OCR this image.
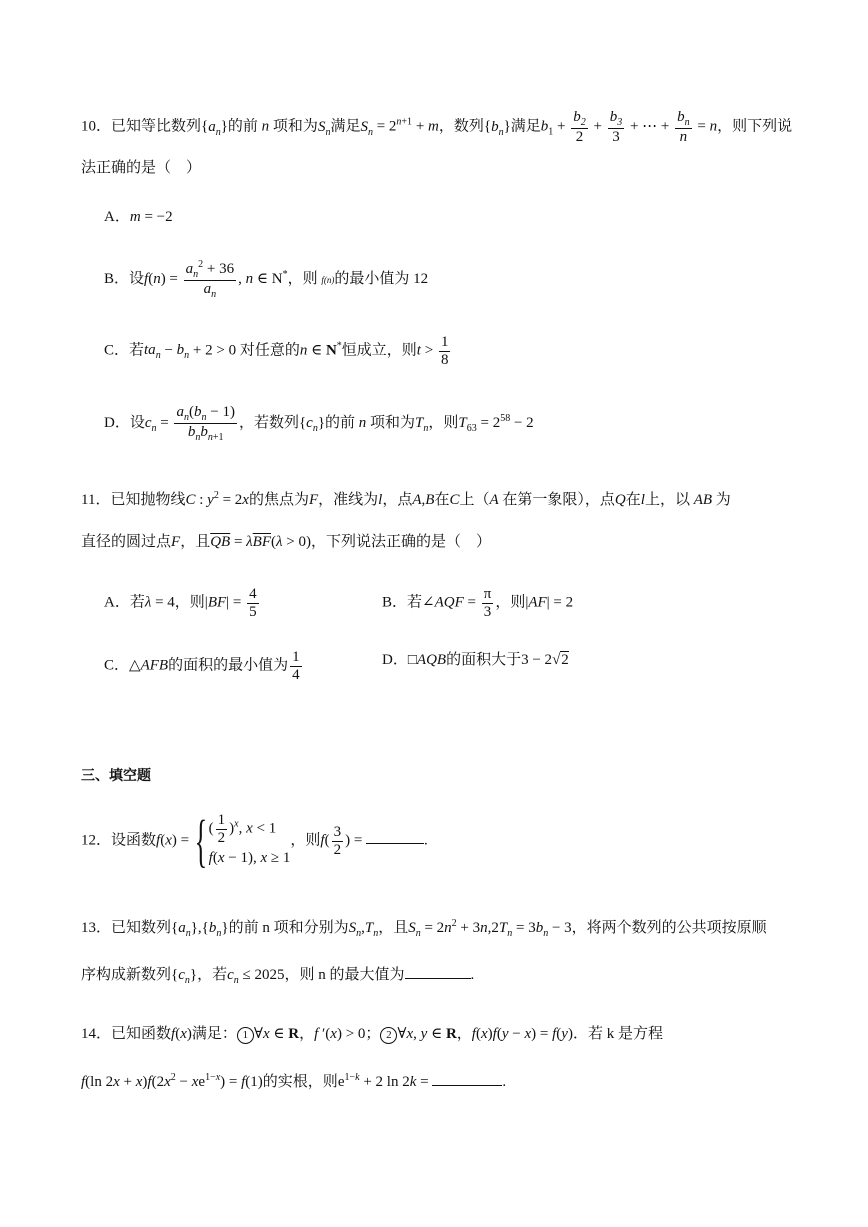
10．已知等比数列$\{a_n\}$的前 n 项和为$S_n$满足$S_n = 2^{n+1} + m$，数列$\{b_n\}$满足$b_1 + \frac{b_2}{2} + \frac{b_3}{3}$ + ⋯ + $\frac{b_n}{n} = n$，则下列说
法正确的是（　）
A．m = −2
B．设$f(n) = \frac{a_n^2 + 36}{a_n}$ , n ∈ N*，则 f(n)的最小值为 12
C．若$ta_n - b_n + 2 > 0$ 对任意的n ∈ N*恒成立，则$t > \frac{1}{8}$
D．设$c_n = \frac{a_n(b_n - 1)}{b_nb_{n+1}}$ ，若数列$\{c_n\}$的前 n 项和为$T_n$，则$T_{63} = 2^{58} - 2$
11．已知抛物线C : $y^2 = 2x$的焦点为F，准线为l，点A,B在C上（A 在第一象限），点Q在l上，以 AB 为
直径的圆过点F，且$\overline{QB} = \lambda\overline{BF}(\lambda > 0)$，下列说法正确的是（　）
A．若λ = 4，则$|BF| = \frac{4}{5}$	B．若∠AQF = $\frac{\pi}{3}$ ，则|AF| = 2
C．△AFB的面积的最小值为 $\frac{1}{4}$	D．□AQB的面积大于3 − 2√2
三、填空题
12．设函数f(x) = { ( $\frac{1}{2} )^x$, x < 1
f(x − 1), x ≥ 1
，则$f( \frac{3}{2}$ ) =	.
13．已知数列$\{a_n\},\{b_n\}$的前 n 项和分别为$S_n,T_n$，且$S_n = 2n^2 + 3n,2T_n = 3b_n - 3$，将两个数列的公共项按原顺
序构成新数列$\{c_n\}$，若$c_n \le 2025$，则 n 的最大值为	.
14．已知函数f(x)满足： 1 ∀x ∈ R，f ′(x) > 0； 2 ∀x, y ∈ R，f(x)f(y − x) = f(y)．若 k 是方程
f(ln $2x + x)f(2x^2 - xe^{1-x}) = f(1)$的实根，则$e^{1-k} + 2$ ln 2k =	.
